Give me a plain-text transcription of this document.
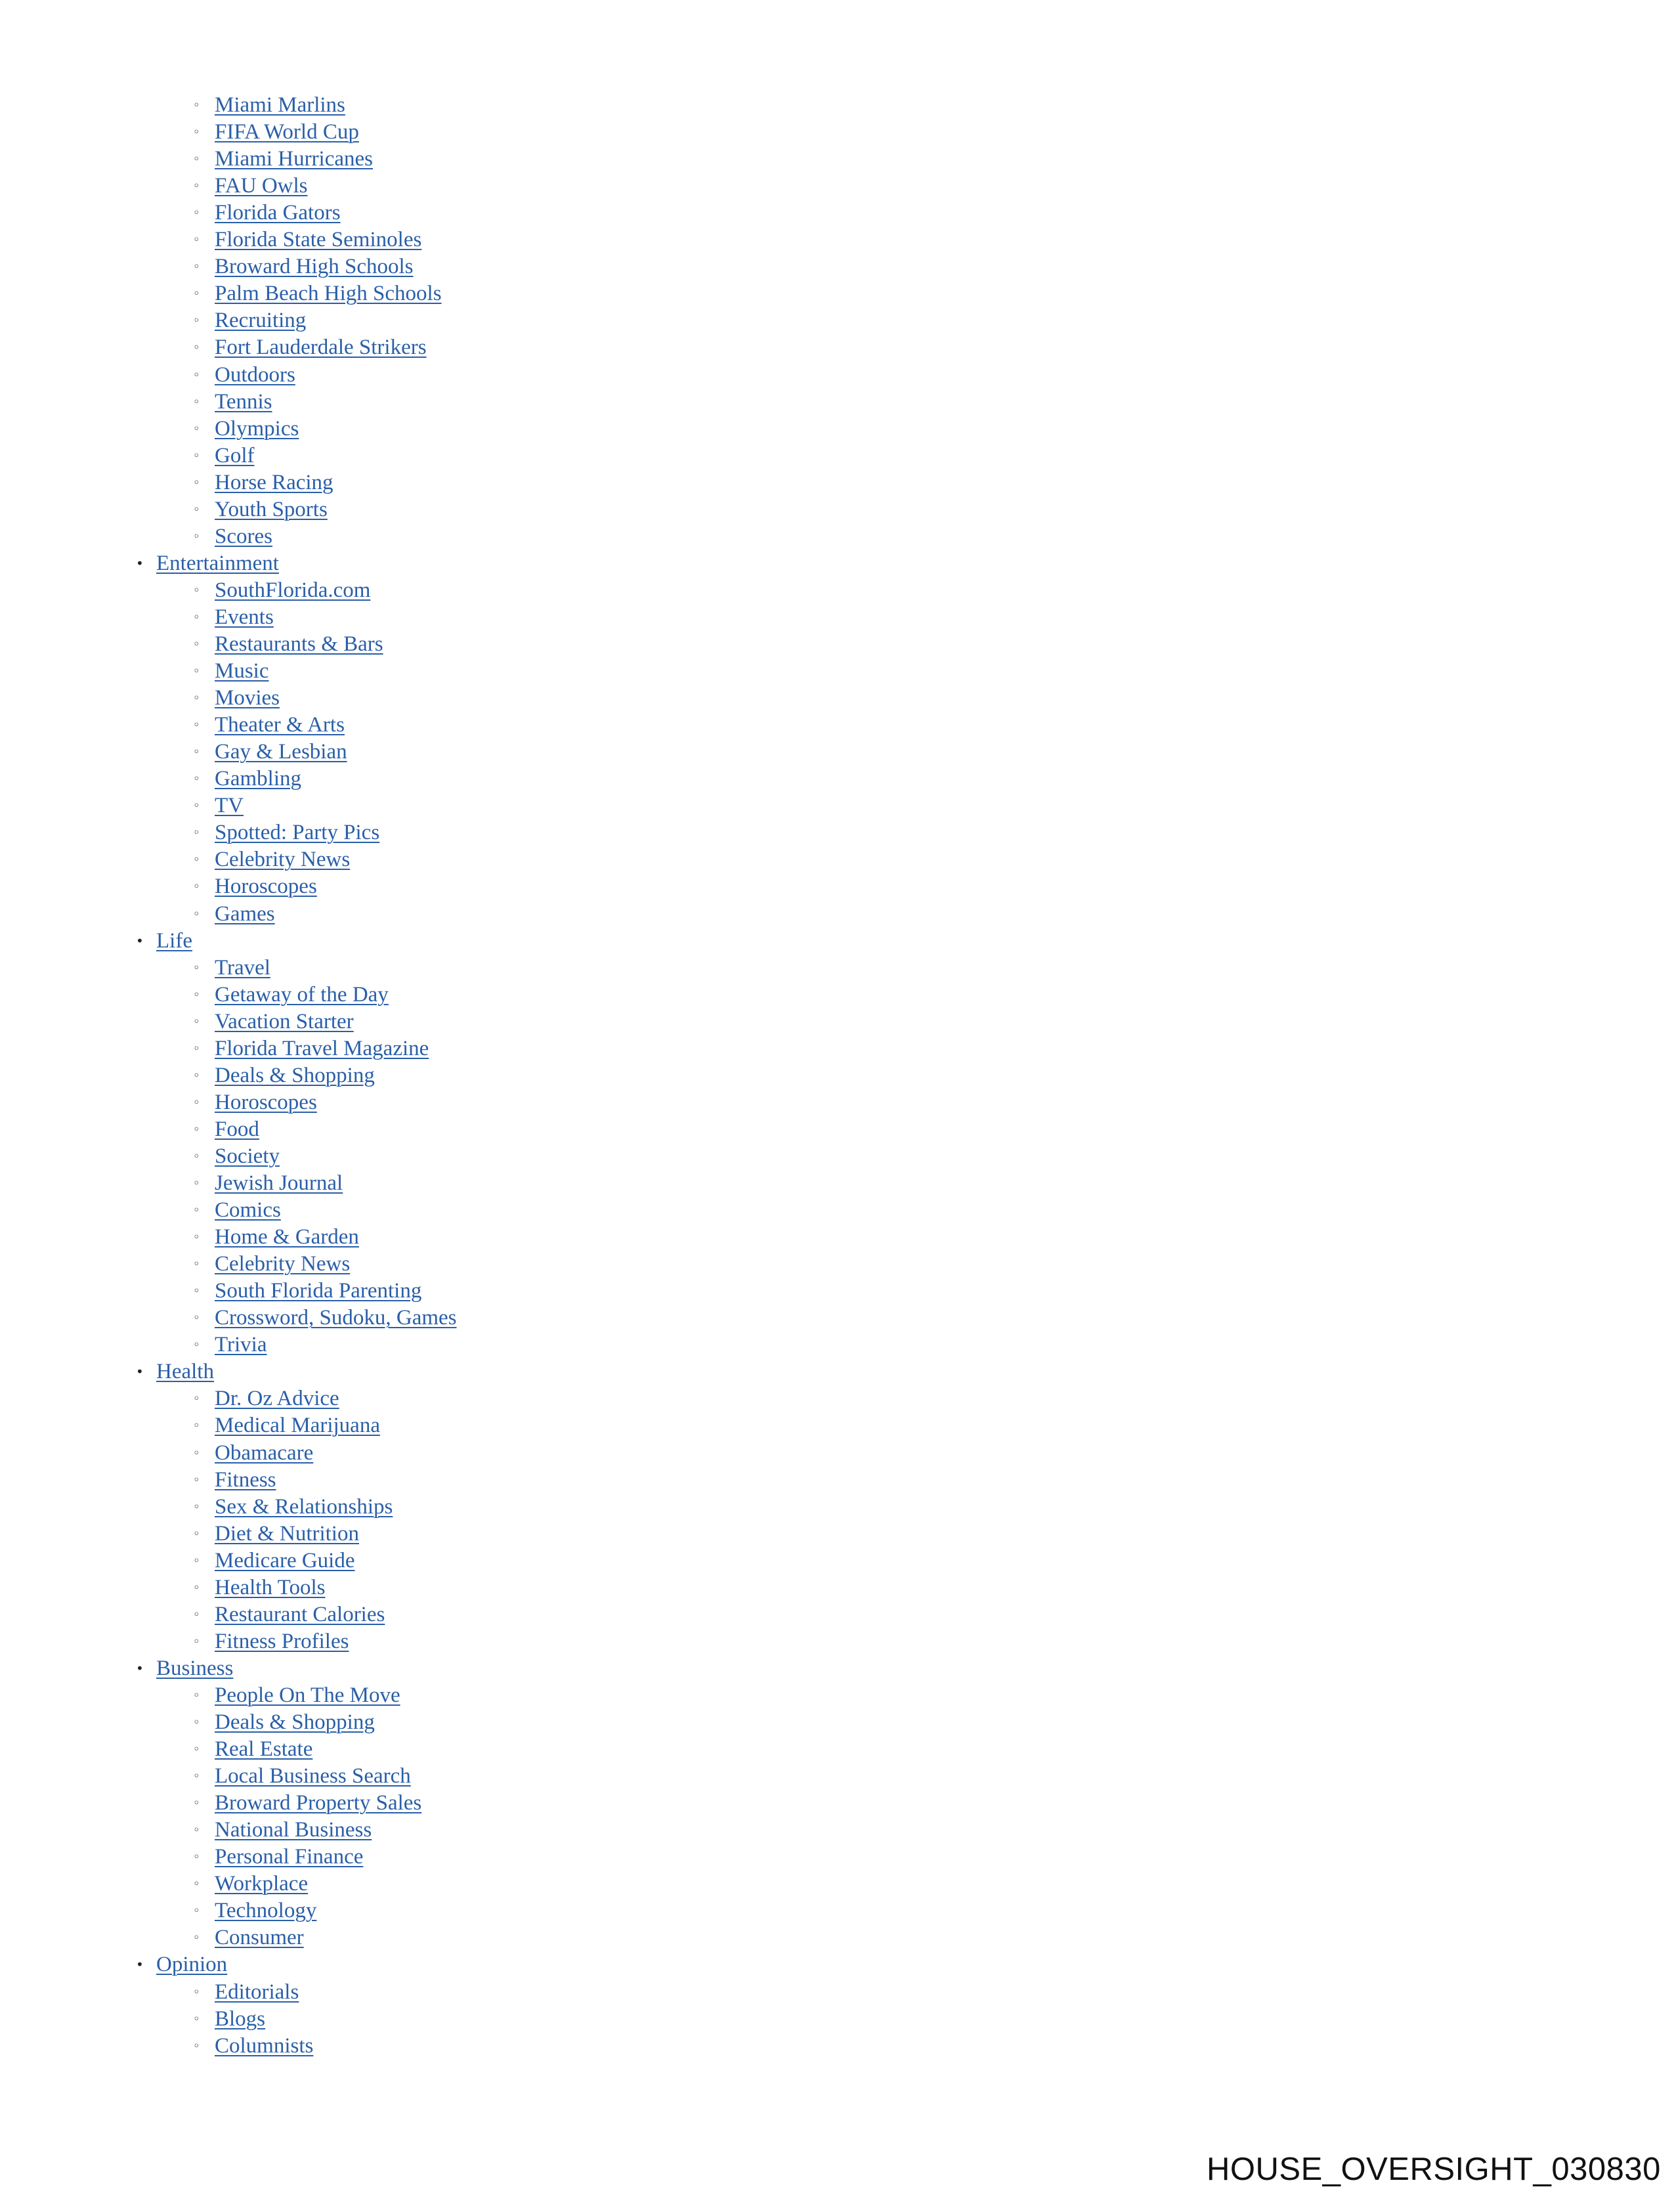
◦ Miami Marlins
◦ FIFA World Cup
◦ Miami Hurricanes
◦ FAU Owls
◦ Florida Gators
◦ Florida State Seminoles
◦ Broward High Schools
◦ Palm Beach High Schools
◦ Recruiting
◦ Fort Lauderdale Strikers
◦ Outdoors
◦ Tennis
◦ Olympics
◦ Golf
◦ Horse Racing
◦ Youth Sports
◦ Scores
• Entertainment
◦ SouthFlorida.com
◦ Events
◦ Restaurants & Bars
◦ Music
◦ Movies
◦ Theater & Arts
◦ Gay & Lesbian
◦ Gambling
◦ TV
◦ Spotted: Party Pics
◦ Celebrity News
◦ Horoscopes
◦ Games
• Life
◦ Travel
◦ Getaway of the Day
◦ Vacation Starter
◦ Florida Travel Magazine
◦ Deals & Shopping
◦ Horoscopes
◦ Food
◦ Society
◦ Jewish Journal
◦ Comics
◦ Home & Garden
◦ Celebrity News
◦ South Florida Parenting
◦ Crossword, Sudoku, Games
◦ Trivia
• Health
◦ Dr. Oz Advice
◦ Medical Marijuana
◦ Obamacare
◦ Fitness
◦ Sex & Relationships
◦ Diet & Nutrition
◦ Medicare Guide
◦ Health Tools
◦ Restaurant Calories
◦ Fitness Profiles
• Business
◦ People On The Move
◦ Deals & Shopping
◦ Real Estate
◦ Local Business Search
◦ Broward Property Sales
◦ National Business
◦ Personal Finance
◦ Workplace
◦ Technology
◦ Consumer
• Opinion
◦ Editorials
◦ Blogs
◦ Columnists
HOUSE_OVERSIGHT_030830
